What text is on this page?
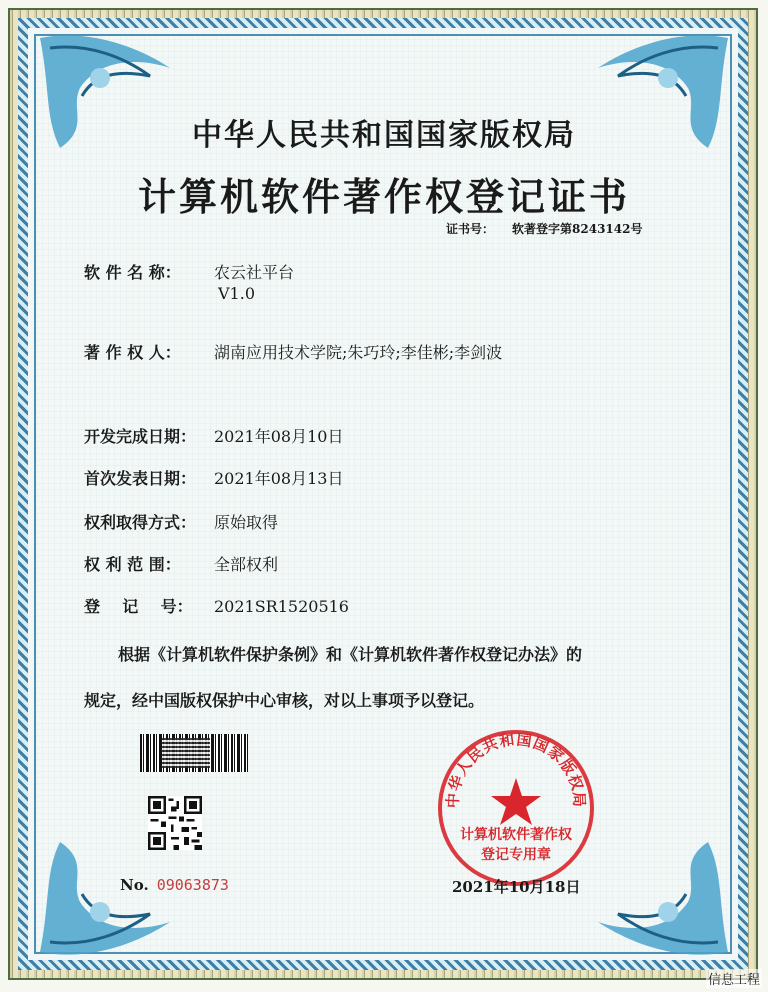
中华人民共和国国家版权局
计算机软件著作权登记证书
证书号： 软著登字第8243142号
软 件 名 称： 农云社平台
V1.0
著 作 权 人： 湖南应用技术学院;朱巧玲;李佳彬;李剑波
开发完成日期： 2021年08月10日
首次发表日期： 2021年08月13日
权利取得方式： 原始取得
权 利 范 围： 全部权利
登    记    号： 2021SR1520516
根据《计算机软件保护条例》和《计算机软件著作权登记办法》的
规定，经中国版权保护中心审核，对以上事项予以登记。
No. 09063873
中华人民共和国国家版权局
计算机软件著作权
登记专用章
2021年10月18日
信息工程
